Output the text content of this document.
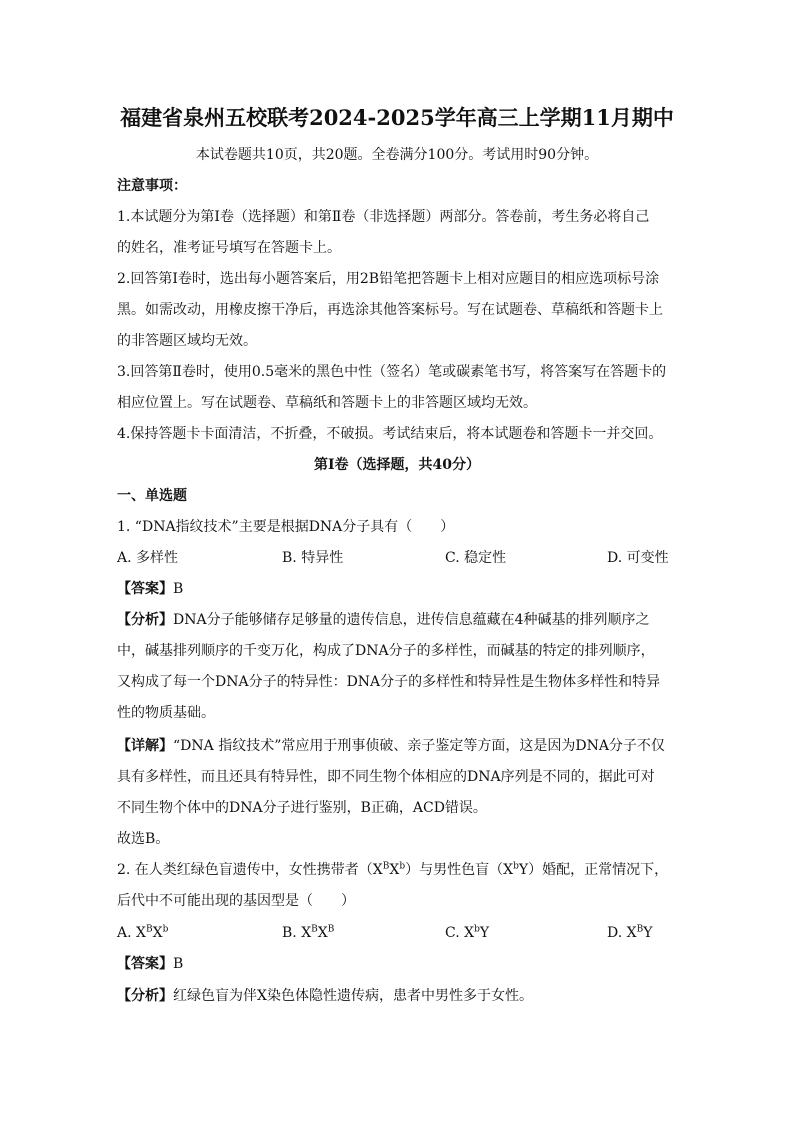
福建省泉州五校联考2024-2025学年高三上学期11月期中
本试卷题共10页，共20题。全卷满分100分。考试用时90分钟。
注意事项：
1.本试题分为第Ⅰ卷（选择题）和第Ⅱ卷（非选择题）两部分。答卷前，考生务必将自己
的姓名，准考证号填写在答题卡上。
2.回答第Ⅰ卷时，选出每小题答案后，用2B铅笔把答题卡上相对应题目的相应选项标号涂
黑。如需改动，用橡皮擦干净后，再选涂其他答案标号。写在试题卷、草稿纸和答题卡上
的非答题区域均无效。
3.回答第Ⅱ卷时，使用0.5毫米的黑色中性（签名）笔或碳素笔书写，将答案写在答题卡的
相应位置上。写在试题卷、草稿纸和答题卡上的非答题区域均无效。
4.保持答题卡卡面清洁，不折叠，不破损。考试结束后，将本试题卷和答题卡一并交回。
第Ⅰ卷（选择题，共40分）
一、单选题
1. “DNA指纹技术”主要是根据DNA分子具有（　　）
A. 多样性	B. 特异性	C. 稳定性	D. 可变性
【答案】B
【分析】DNA分子能够储存足够量的遗传信息，进传信息蕴藏在4种碱基的排列顺序之
中，碱基排列顺序的千变万化，构成了DNA分子的多样性，而碱基的特定的排列顺序，
又构成了每一个DNA分子的特异性：DNA分子的多样性和特异性是生物体多样性和特异
性的物质基础。
【详解】“DNA 指纹技术”常应用于刑事侦破、亲子鉴定等方面，这是因为DNA分子不仅
具有多样性，而且还具有特异性，即不同生物个体相应的DNA序列是不同的，据此可对
不同生物个体中的DNA分子进行鉴别，B正确，ACD错误。
故选B。
2. 在人类红绿色盲遗传中，女性携带者$(X^BX^b)$与男性色盲$(X^bY)$婚配，正常情况下，
后代中不可能出现的基因型是（　　）
A. $X^BX^b$	B. $X^BX^B$	C. $X^bY$	D. $X^BY$
【答案】B
【分析】红绿色盲为伴X染色体隐性遗传病，患者中男性多于女性。
